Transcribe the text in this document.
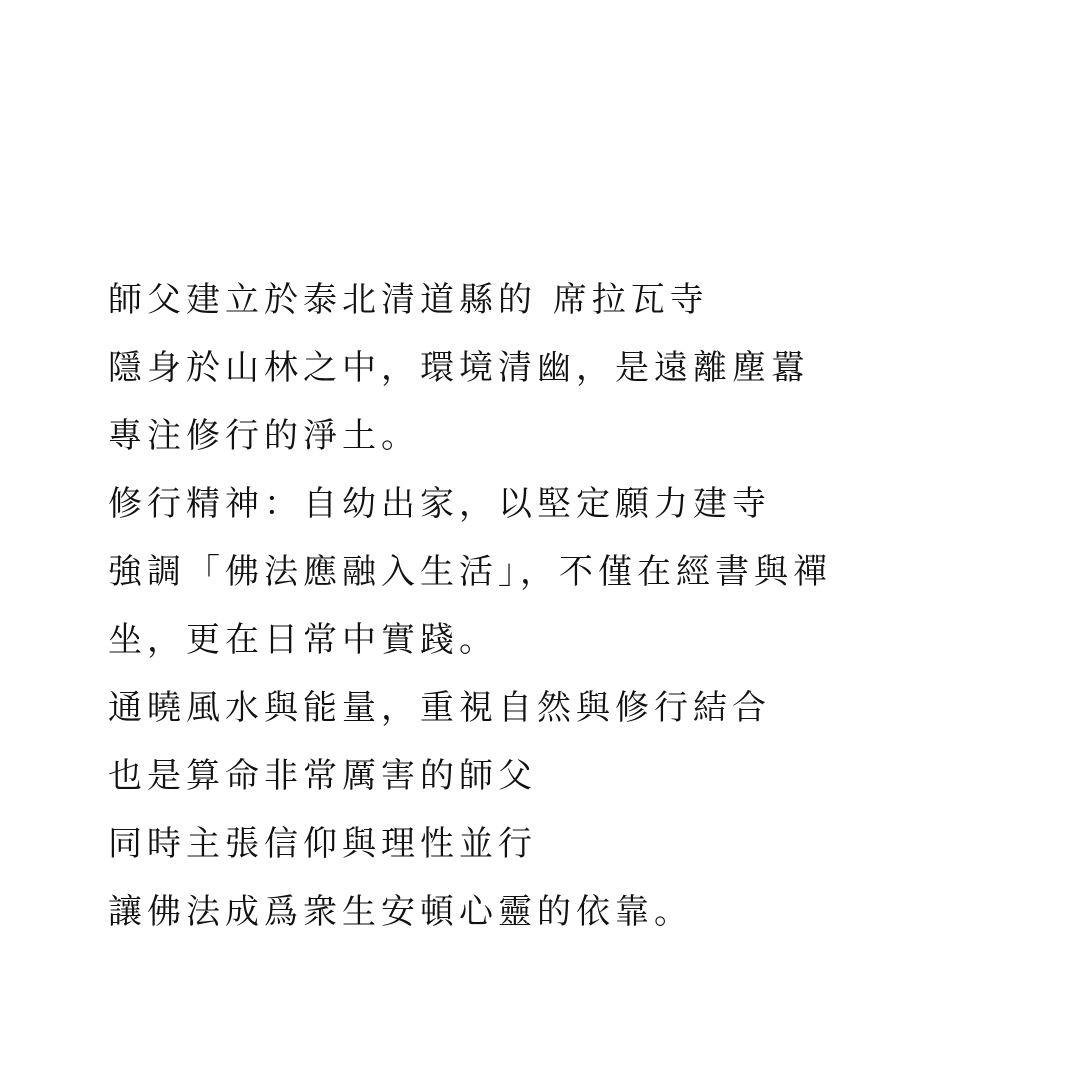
師父建立於泰北清道縣的 席拉瓦寺
隱身於山林之中，環境清幽，是遠離塵囂
專注修行的淨土。
修行精神：自幼出家，以堅定願力建寺
強調「佛法應融入生活」，不僅在經書與禪
坐，更在日常中實踐。
通曉風水與能量，重視自然與修行結合
也是算命非常厲害的師父
同時主張信仰與理性並行
讓佛法成爲衆生安頓心靈的依靠。
